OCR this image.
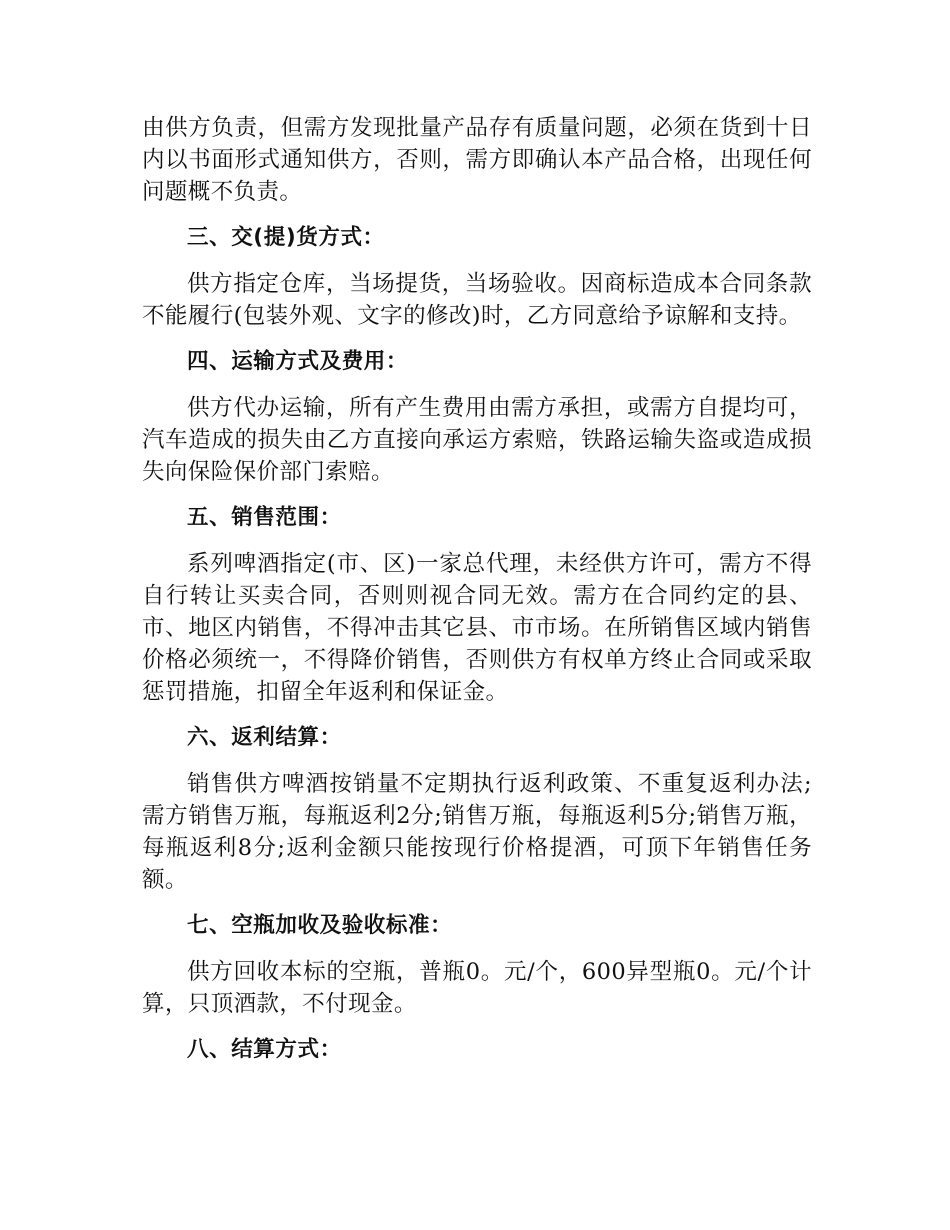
由供方负责，但需方发现批量产品存有质量问题，必须在货到十日内以书面形式通知供方，否则，需方即确认本产品合格，出现任何问题概不负责。

三、交(提)货方式：

供方指定仓库，当场提货，当场验收。因商标造成本合同条款不能履行(包装外观、文字的修改)时，乙方同意给予谅解和支持。

四、运输方式及费用：

供方代办运输，所有产生费用由需方承担，或需方自提均可，汽车造成的损失由乙方直接向承运方索赔，铁路运输失盗或造成损失向保险保价部门索赔。

五、销售范围：

系列啤酒指定(市、区)一家总代理，未经供方许可，需方不得自行转让买卖合同，否则则视合同无效。需方在合同约定的县、市、地区内销售，不得冲击其它县、市市场。在所销售区域内销售价格必须统一，不得降价销售，否则供方有权单方终止合同或采取惩罚措施，扣留全年返利和保证金。

六、返利结算：

销售供方啤酒按销量不定期执行返利政策、不重复返利办法;需方销售万瓶，每瓶返利2分;销售万瓶，每瓶返利5分;销售万瓶，每瓶返利8分;返利金额只能按现行价格提酒，可顶下年销售任务额。

七、空瓶加收及验收标准：

供方回收本标的空瓶，普瓶0。元/个，600异型瓶0。元/个计算，只顶酒款，不付现金。

八、结算方式：
